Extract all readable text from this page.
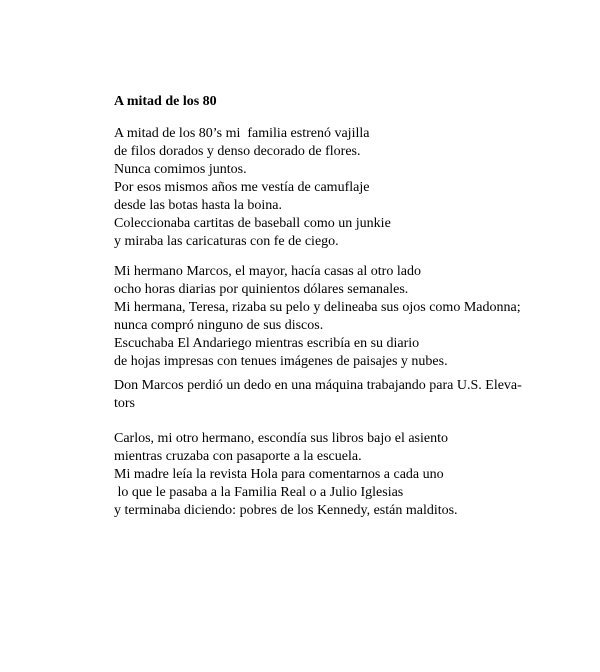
A mitad de los 80
A mitad de los 80’s mi  familia estrenó vajilla
de filos dorados y denso decorado de flores.
Nunca comimos juntos.
Por esos mismos años me vestía de camuflaje
desde las botas hasta la boina.
Coleccionaba cartitas de baseball como un junkie
y miraba las caricaturas con fe de ciego.
Mi hermano Marcos, el mayor, hacía casas al otro lado
ocho horas diarias por quinientos dólares semanales.
Mi hermana, Teresa, rizaba su pelo y delineaba sus ojos como Madonna;
nunca compró ninguno de sus discos.
Escuchaba El Andariego mientras escribía en su diario
de hojas impresas con tenues imágenes de paisajes y nubes.
Don Marcos perdió un dedo en una máquina trabajando para U.S. Eleva-
tors
Carlos, mi otro hermano, escondía sus libros bajo el asiento
mientras cruzaba con pasaporte a la escuela.
Mi madre leía la revista Hola para comentarnos a cada uno
lo que le pasaba a la Familia Real o a Julio Iglesias
y terminaba diciendo: pobres de los Kennedy, están malditos.
